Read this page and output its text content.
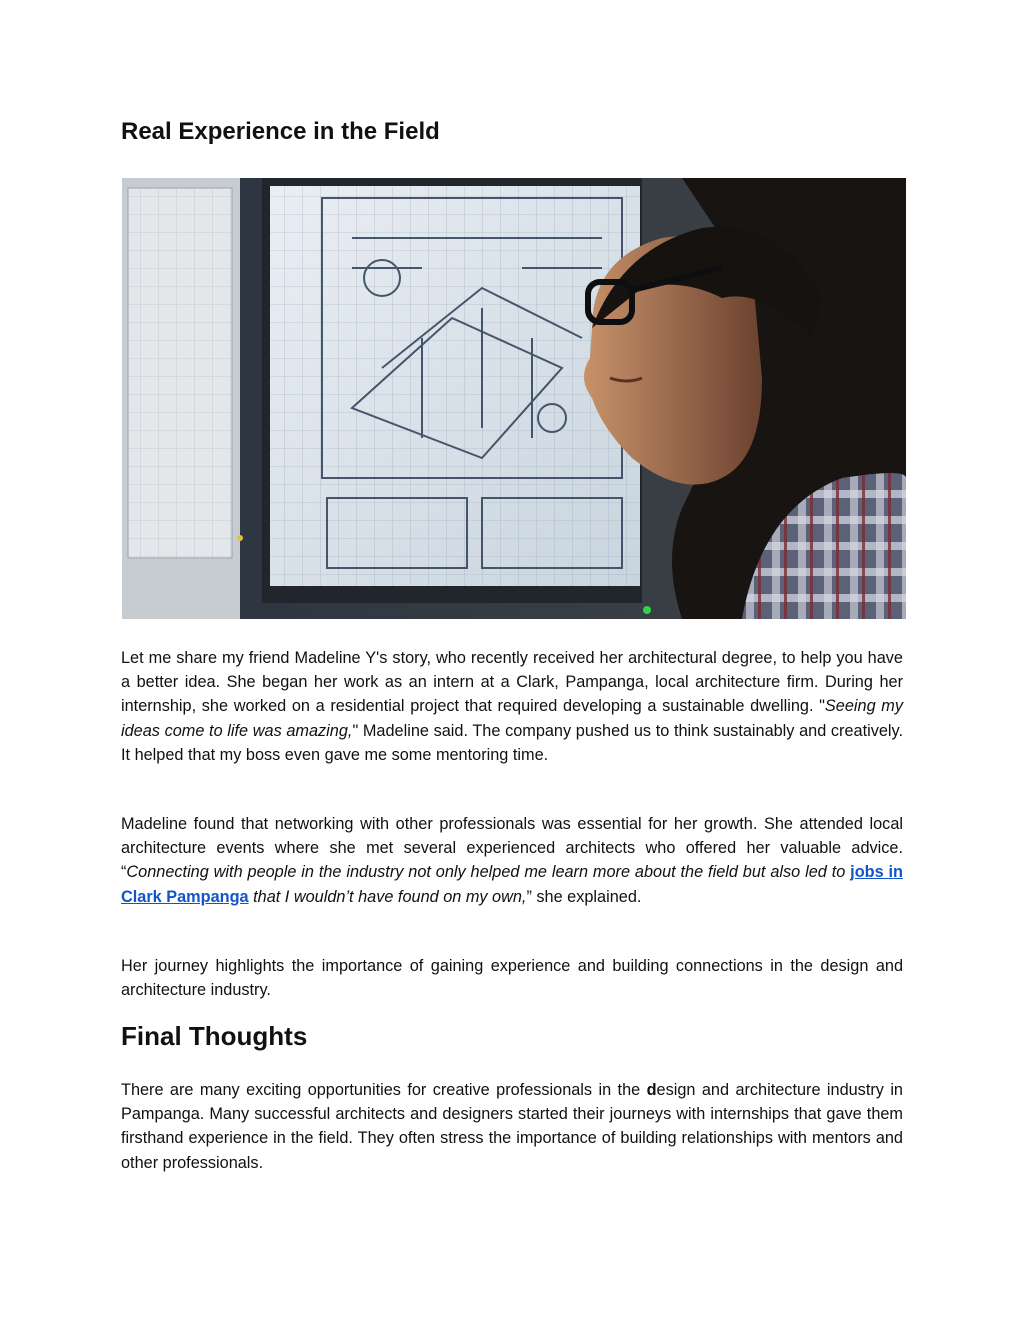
Real Experience in the Field

Let me share my friend Madeline Y's story, who recently received her architectural degree, to help you have a better idea. She began her work as an intern at a Clark, Pampanga, local architecture firm. During her internship, she worked on a residential project that required developing a sustainable dwelling. "Seeing my ideas come to life was amazing," Madeline said. The company pushed us to think sustainably and creatively. It helped that my boss even gave me some mentoring time.

Madeline found that networking with other professionals was essential for her growth. She attended local architecture events where she met several experienced architects who offered her valuable advice. “Connecting with people in the industry not only helped me learn more about the field but also led to jobs in Clark Pampanga that I wouldn’t have found on my own,” she explained.

Her journey highlights the importance of gaining experience and building connections in the design and architecture industry.

Final Thoughts

There are many exciting opportunities for creative professionals in the design and architecture industry in Pampanga. Many successful architects and designers started their journeys with internships that gave them firsthand experience in the field. They often stress the importance of building relationships with mentors and other professionals.
